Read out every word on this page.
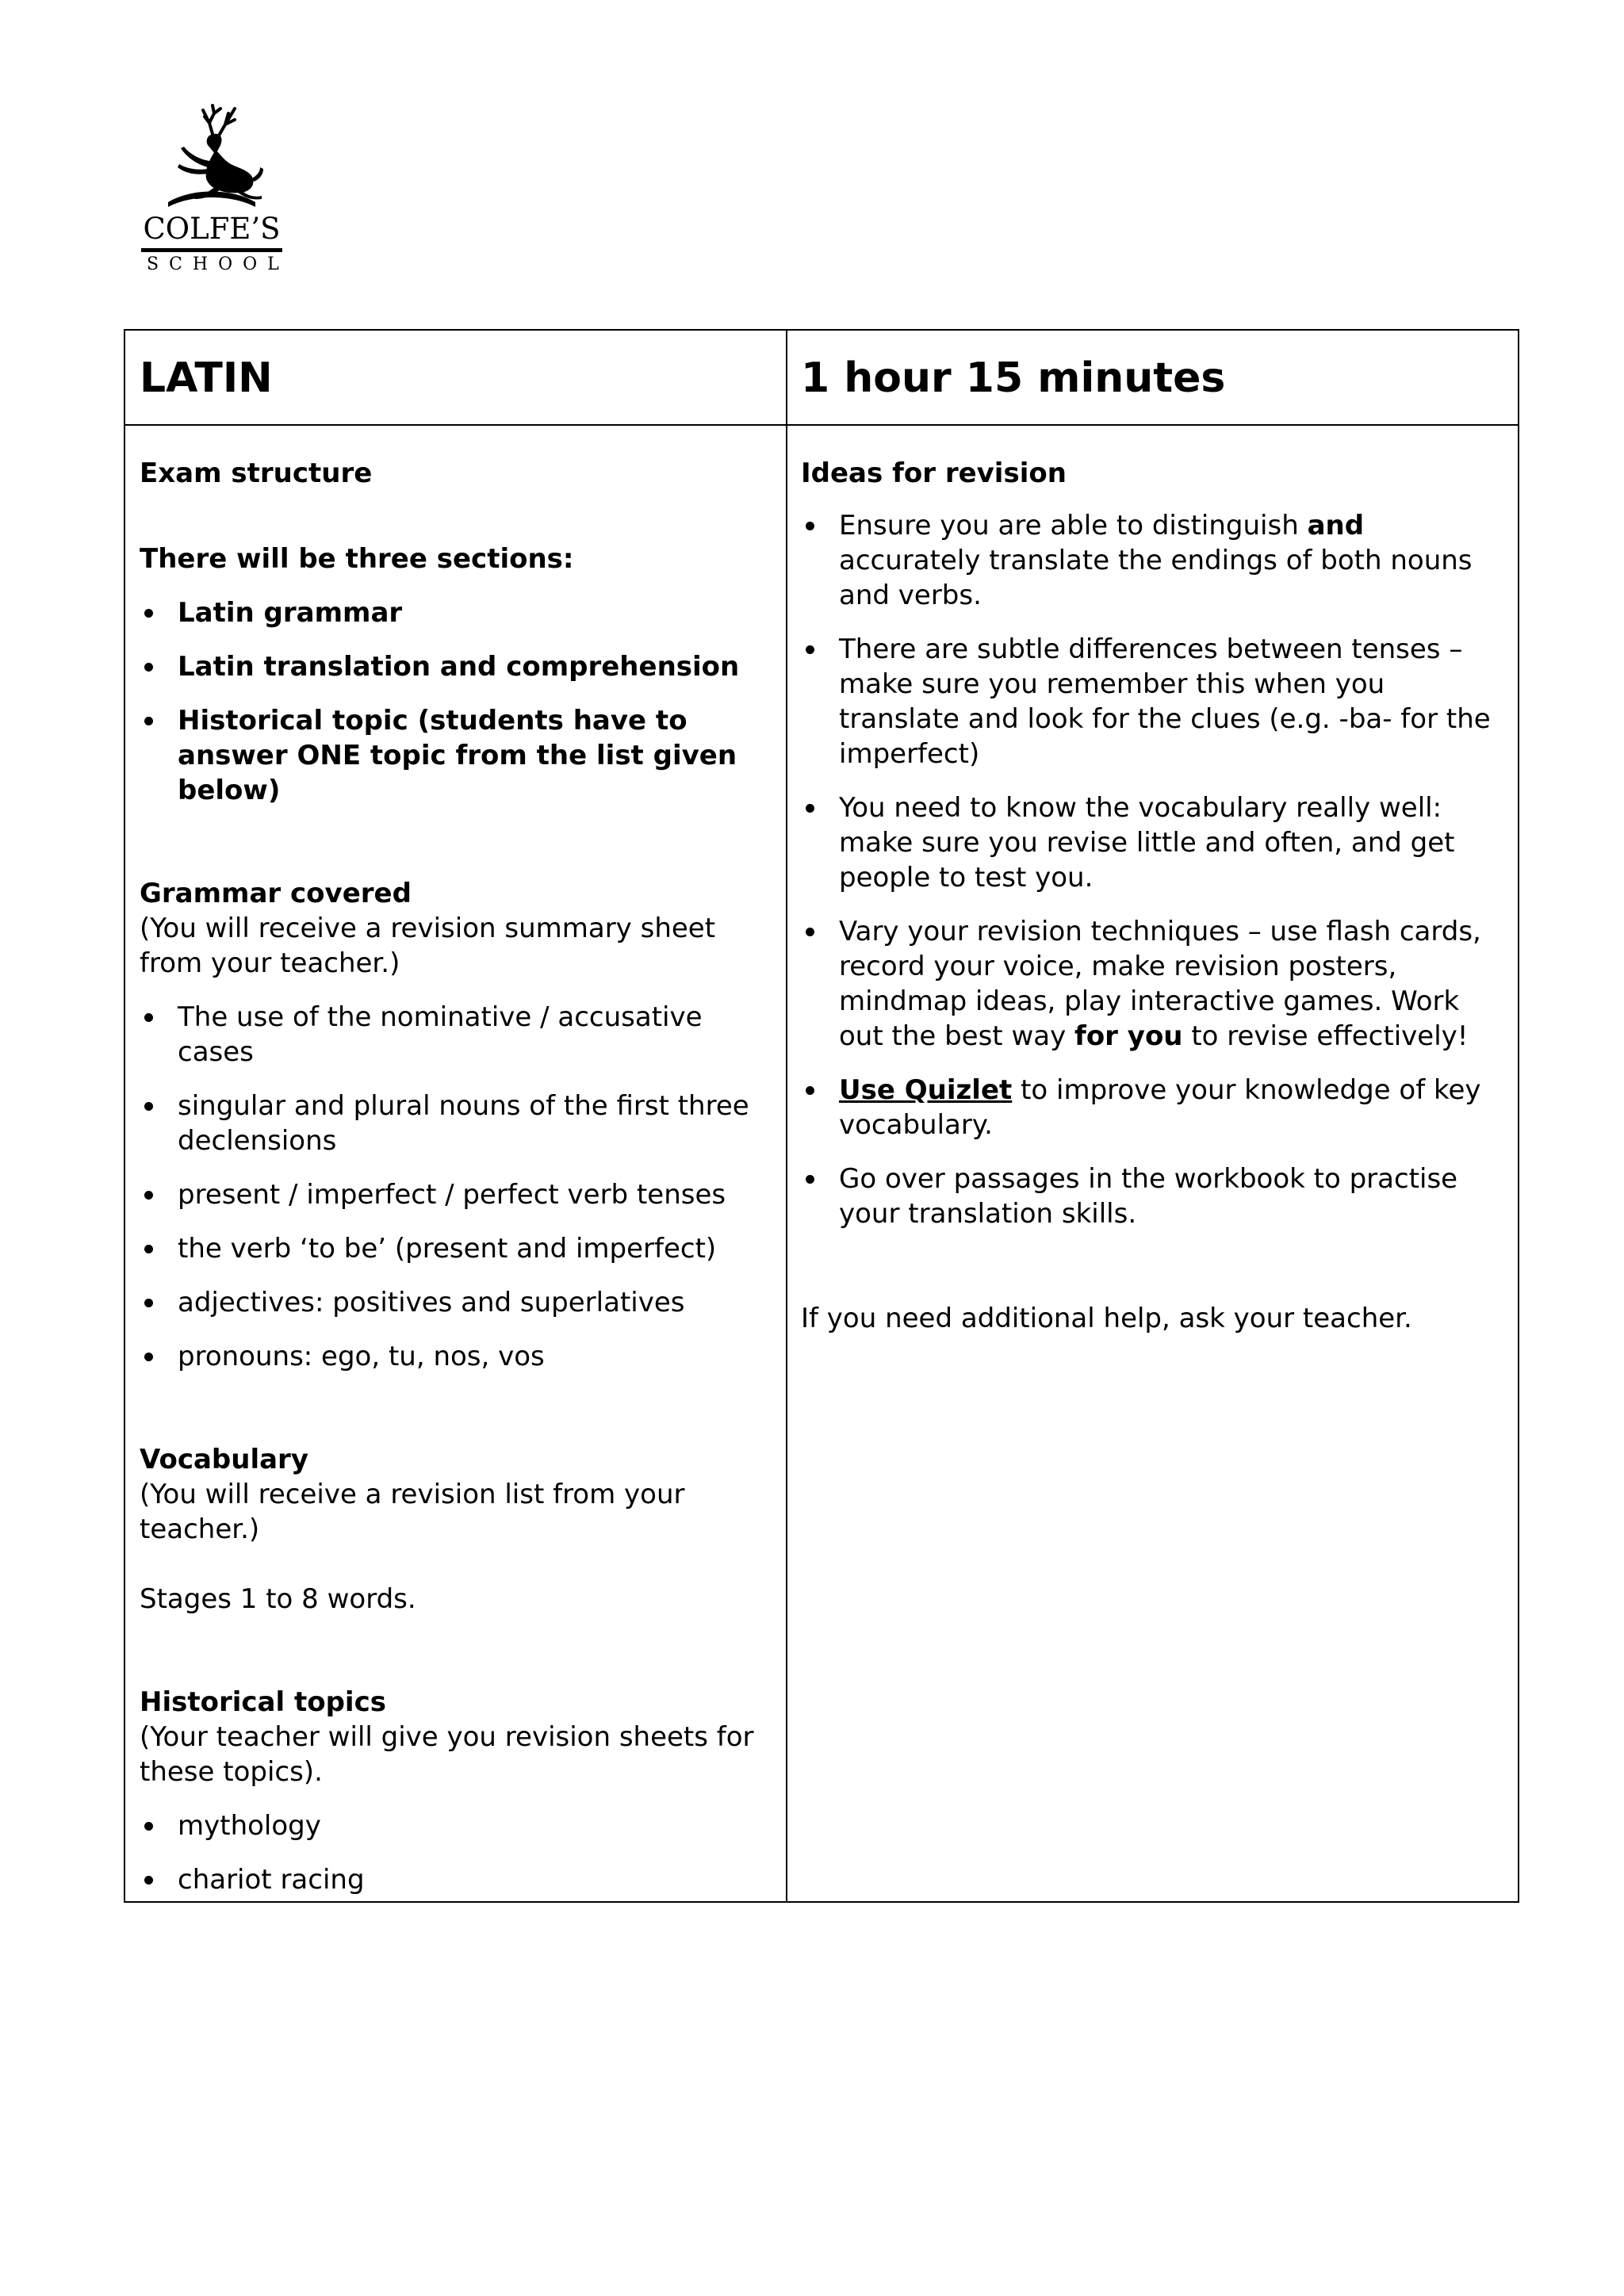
COLFE’S
SCHOOL
LATIN	1 hour 15 minutes

Exam structure

There will be three sections:

Latin grammar
Latin translation and comprehension
Historical topic (students have to answer ONE topic from the list given below)

Grammar covered

(You will receive a revision summary sheet from your teacher.)

The use of the nominative / accusative cases
singular and plural nouns of the first three declensions
present / imperfect / perfect verb tenses
the verb ‘to be’ (present and imperfect)
adjectives: positives and superlatives
pronouns: ego, tu, nos, vos

Vocabulary

(You will receive a revision list from your teacher.)

Stages 1 to 8 words.

Historical topics

(Your teacher will give you revision sheets for these topics).

mythology
chariot racing

Ideas for revision

Ensure you are able to distinguish and accurately translate the endings of both nouns and verbs.
There are subtle differences between tenses – make sure you remember this when you translate and look for the clues (e.g. -ba- for the imperfect)
You need to know the vocabulary really well: make sure you revise little and often, and get people to test you.
Vary your revision techniques – use flash cards, record your voice, make revision posters, mindmap ideas, play interactive games. Work out the best way for you to revise effectively!
Use Quizlet to improve your knowledge of key vocabulary.
Go over passages in the workbook to practise your translation skills.

If you need additional help, ask your teacher.
